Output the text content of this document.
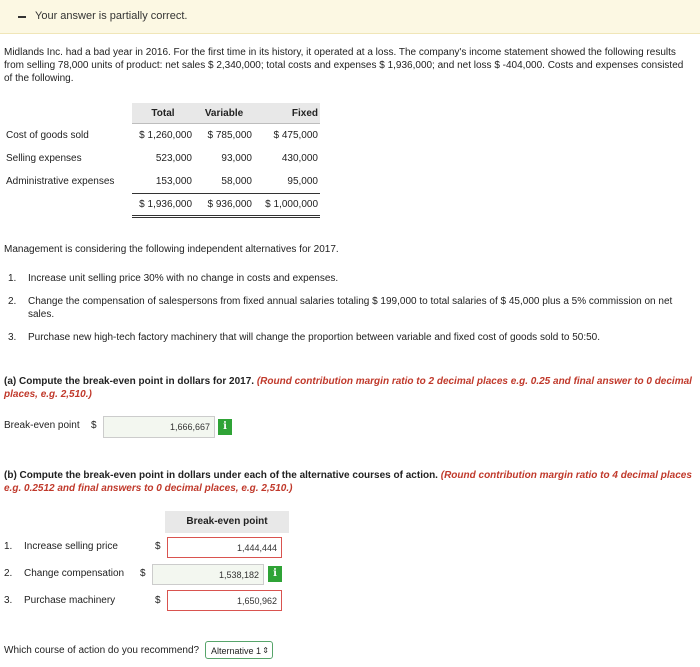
Your answer is partially correct.
Midlands Inc. had a bad year in 2016. For the first time in its history, it operated at a loss. The company's income statement showed the following results from selling 78,000 units of product: net sales $ 2,340,000; total costs and expenses $ 1,936,000; and net loss $ -404,000. Costs and expenses consisted of the following.
	Total	Variable	Fixed
Cost of goods sold	$ 1,260,000	$ 785,000	$ 475,000
Selling expenses	523,000	93,000	430,000
Administrative expenses	153,000	58,000	95,000
	$ 1,936,000	$ 936,000	$ 1,000,000
Management is considering the following independent alternatives for 2017.
1. Increase unit selling price 30% with no change in costs and expenses.
2. Change the compensation of salespersons from fixed annual salaries totaling $ 199,000 to total salaries of $ 45,000 plus a 5% commission on net sales.
3. Purchase new high-tech factory machinery that will change the proportion between variable and fixed cost of goods sold to 50:50.
(a) Compute the break-even point in dollars for 2017. (Round contribution margin ratio to 2 decimal places e.g. 0.25 and final answer to 0 decimal places, e.g. 2,510.)
Break-even point $	1,666,667	i
(b) Compute the break-even point in dollars under each of the alternative courses of action. (Round contribution margin ratio to 4 decimal places e.g. 0.2512 and final answers to 0 decimal places, e.g. 2,510.)
Break-even point
1. Increase selling price	$	1,444,444
2. Change compensation $	1,538,182	i
3. Purchase machinery	$	1,650,962
Which course of action do you recommend?	Alternative 1 ⇕
